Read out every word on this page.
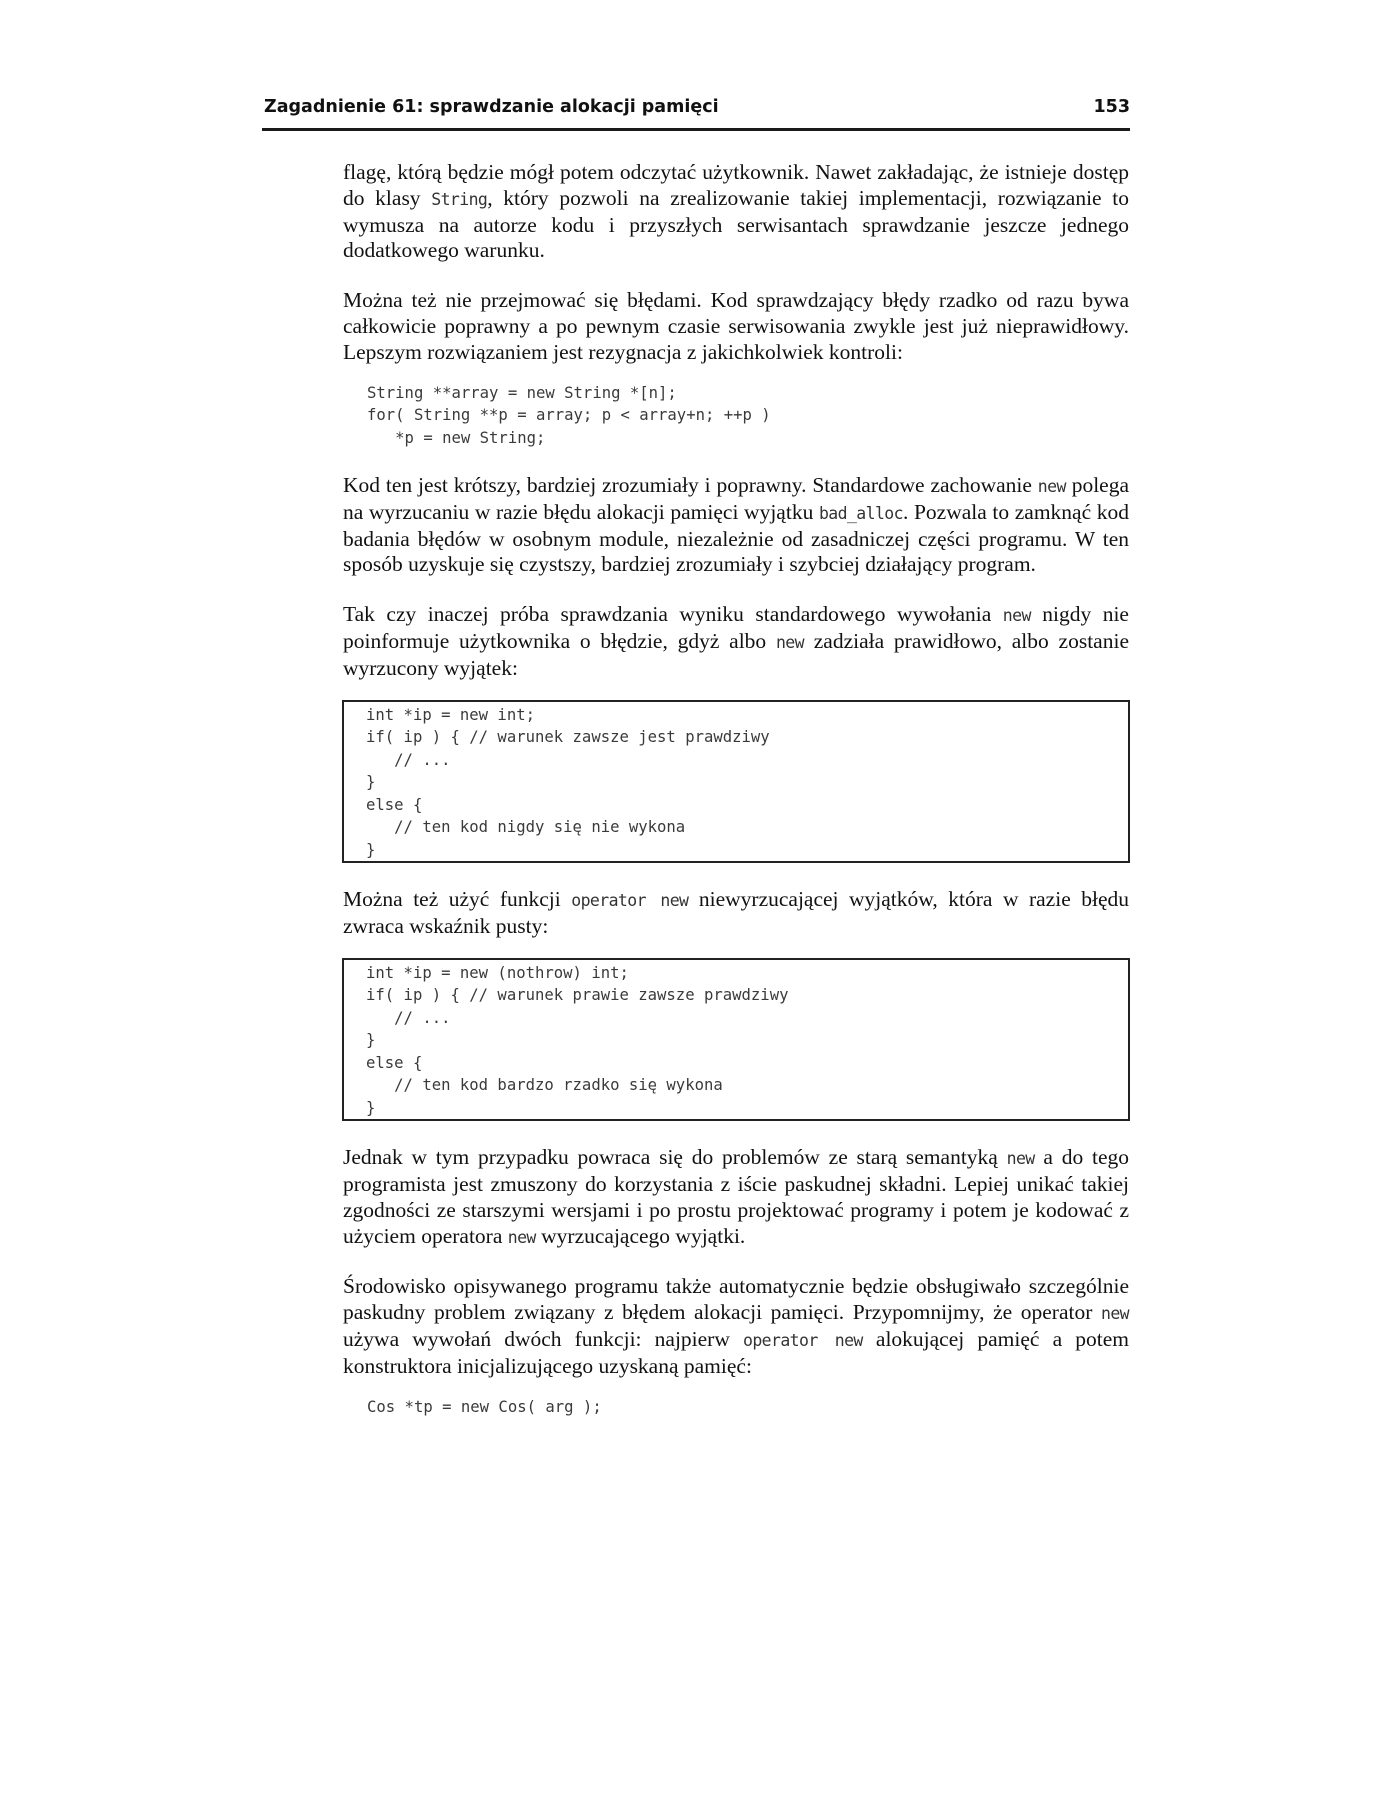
Zagadnienie 61: sprawdzanie alokacji pamięci	153

flagę, którą będzie mógł potem odczytać użytkownik. Nawet zakładając, że istnieje dostęp do klasy String, który pozwoli na zrealizowanie takiej implementacji, rozwiązanie to wymusza na autorze kodu i przyszłych serwisantach sprawdzanie jeszcze jednego dodatkowego warunku.

Można też nie przejmować się błędami. Kod sprawdzający błędy rzadko od razu bywa całkowicie poprawny a po pewnym czasie serwisowania zwykle jest już nieprawidłowy. Lepszym rozwiązaniem jest rezygnacja z jakichkolwiek kontroli:

String **array = new String *[n];
for( String **p = array; p < array+n; ++p )
*p = new String;

Kod ten jest krótszy, bardziej zrozumiały i poprawny. Standardowe zachowanie new polega na wyrzucaniu w razie błędu alokacji pamięci wyjątku bad_alloc. Pozwala to zamknąć kod badania błędów w osobnym module, niezależnie od zasadniczej części programu. W ten sposób uzyskuje się czystszy, bardziej zrozumiały i szybciej działający program.

Tak czy inaczej próba sprawdzania wyniku standardowego wywołania new nigdy nie poinformuje użytkownika o błędzie, gdyż albo new zadziała prawidłowo, albo zostanie wyrzucony wyjątek:

int *ip = new int;
if( ip ) { // warunek zawsze jest prawdziwy
// ...
}
else {
// ten kod nigdy się nie wykona
}

Można też użyć funkcji operator new niewyrzucającej wyjątków, która w razie błędu zwraca wskaźnik pusty:

int *ip = new (nothrow) int;
if( ip ) { // warunek prawie zawsze prawdziwy
// ...
}
else {
// ten kod bardzo rzadko się wykona
}

Jednak w tym przypadku powraca się do problemów ze starą semantyką new a do tego programista jest zmuszony do korzystania z iście paskudnej składni. Lepiej unikać takiej zgodności ze starszymi wersjami i po prostu projektować programy i potem je kodować z użyciem operatora new wyrzucającego wyjątki.

Środowisko opisywanego programu także automatycznie będzie obsługiwało szczególnie paskudny problem związany z błędem alokacji pamięci. Przypomnijmy, że operator new używa wywołań dwóch funkcji: najpierw operator new alokującej pamięć a potem konstruktora inicjalizującego uzyskaną pamięć:

Cos *tp = new Cos( arg );
